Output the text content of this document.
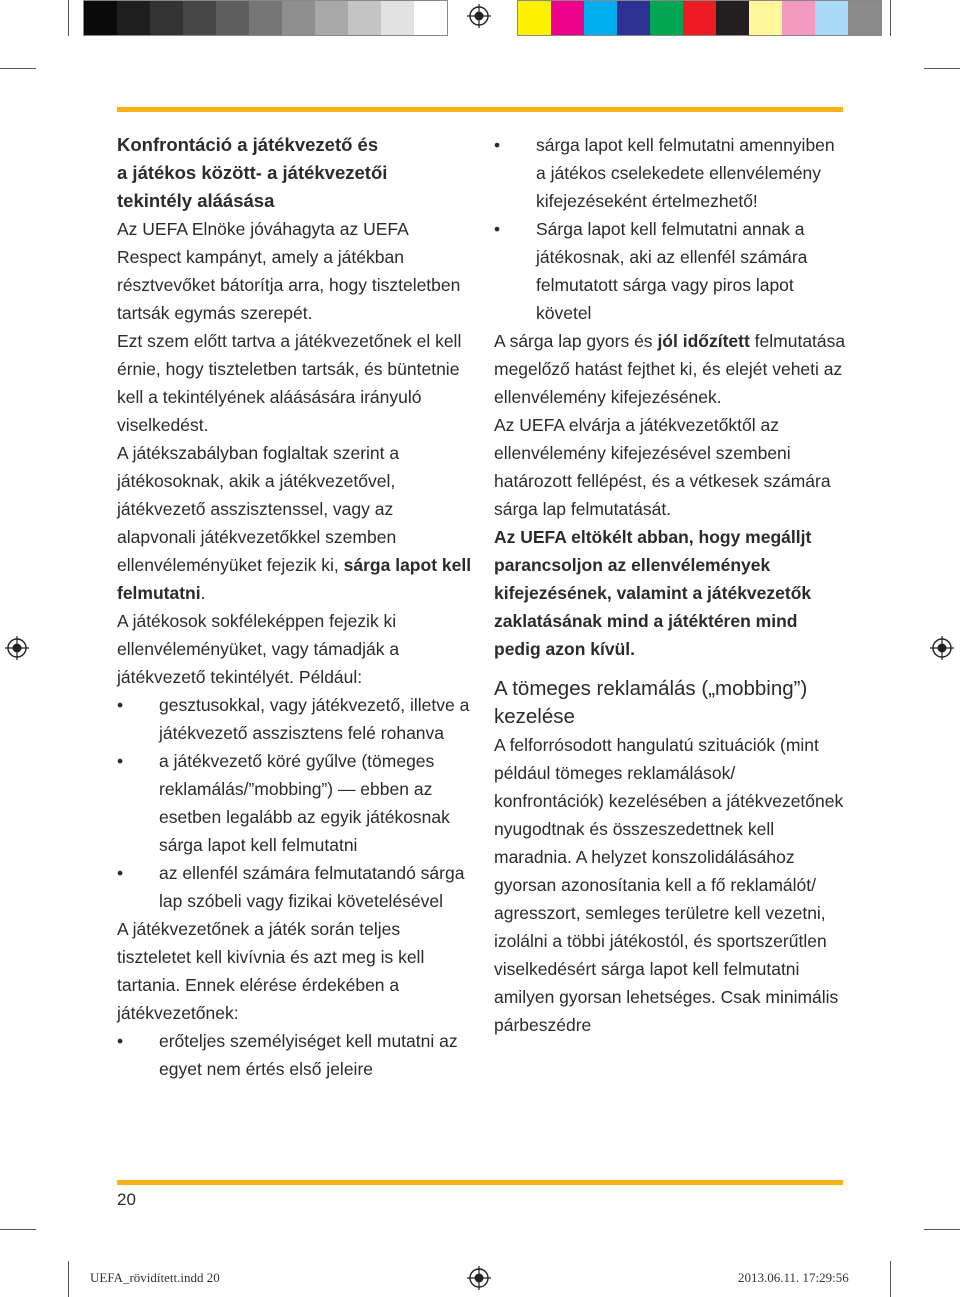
Konfrontáció a játékvezető és
a játékos között- a játékvezetői
tekintély aláásása

Az UEFA Elnöke jóváhagyta az UEFA Respect kampányt, amely a játékban résztvevőket bátorítja arra, hogy tiszteletben tartsák egymás szerepét.

Ezt szem előtt tartva a játékvezetőnek el kell érnie, hogy tiszteletben tartsák, és büntetnie kell a tekintélyének aláásására irányuló viselkedést.

A játékszabályban foglaltak szerint a játékosoknak, akik a játékvezetővel, játékvezető asszisztenssel, vagy az alapvonali játékvezetőkkel szemben ellenvéleményüket fejezik ki, sárga lapot kell felmutatni.

A játékosok sokféleképpen fejezik ki ellenvéleményüket, vagy támadják a játékvezető tekintélyét. Például:

• gesztusokkal, vagy játékvezető, illetve a játékvezető asszisztens felé rohanva

• a játékvezető köré gyűlve (tömeges reklamálás/”mobbing”) — ebben az esetben legalább az egyik játékosnak sárga lapot kell felmutatni

• az ellenfél számára felmutatandó sárga lap szóbeli vagy fizikai követelésével

A játékvezetőnek a játék során teljes tiszteletet kell kivívnia és azt meg is kell tartania. Ennek elérése érdekében a játékvezetőnek:

• erőteljes személyiséget kell mutatni az egyet nem értés első jeleire

• sárga lapot kell felmutatni amennyiben a játékos cselekedete ellenvélemény kifejezéseként értelmezhető!

• Sárga lapot kell felmutatni annak a játékosnak, aki az ellenfél számára felmutatott sárga vagy piros lapot követel

A sárga lap gyors és jól időzített felmutatása megelőző hatást fejthet ki, és elejét veheti az ellenvélemény kifejezésének.

Az UEFA elvárja a játékvezetőktől az ellenvélemény kifejezésével szembeni határozott fellépést, és a vétkesek számára sárga lap felmutatását.

Az UEFA eltökélt abban, hogy megálljt parancsoljon az ellenvélemények kifejezésének, valamint a játékvezetők zaklatásának mind a játéktéren mind pedig azon kívül.

A tömeges reklamálás („mobbing”) kezelése

A felforrósodott hangulatú szituációk (mint például tömeges reklamálások/ konfrontációk) kezelésében a játékvezetőnek nyugodtnak és összeszedettnek kell maradnia. A helyzet konszolidálásához gyorsan azonosítania kell a fő reklamálót/ agresszort, semleges területre kell vezetni, izolálni a többi játékostól, és sportszerűtlen viselkedésért sárga lapot kell felmutatni amilyen gyorsan lehetséges. Csak minimális párbeszédre

20
UEFA_rövidített.indd 20	2013.06.11. 17:29:56
